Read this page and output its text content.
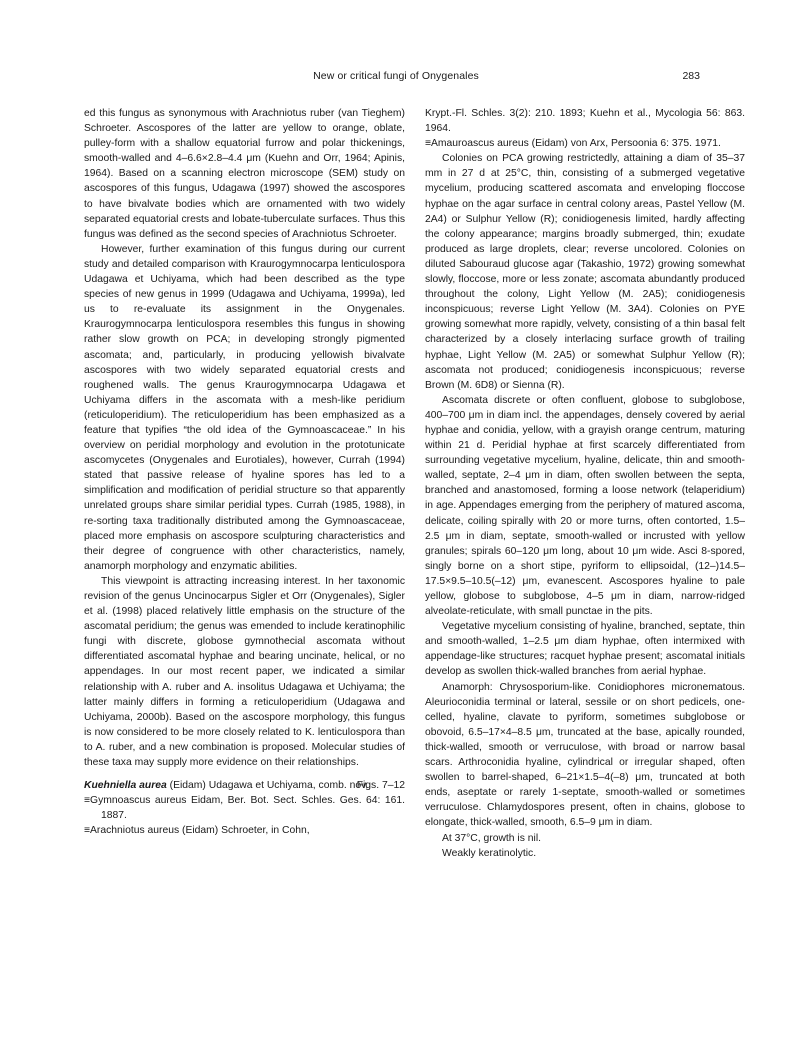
New or critical fungi of Onygenales	283

ed this fungus as synonymous with Arachniotus ruber (van Tieghem) Schroeter. Ascospores of the latter are yellow to orange, oblate, pulley-form with a shallow equatorial furrow and polar thickenings, smooth-walled and 4–6.6×2.8–4.4 μm (Kuehn and Orr, 1964; Apinis, 1964). Based on a scanning electron microscope (SEM) study on ascospores of this fungus, Udagawa (1997) showed the ascospores to have bivalvate bodies which are ornamented with two widely separated equatorial crests and lobate-tuberculate surfaces. Thus this fungus was defined as the second species of Arachniotus Schroeter.

However, further examination of this fungus during our current study and detailed comparison with Kraurogymnocarpa lenticulospora Udagawa et Uchiyama, which had been described as the type species of new genus in 1999 (Udagawa and Uchiyama, 1999a), led us to re-evaluate its assignment in the Onygenales. Kraurogymnocarpa lenticulospora resembles this fungus in showing rather slow growth on PCA; in developing strongly pigmented ascomata; and, particularly, in producing yellowish bivalvate ascospores with two widely separated equatorial crests and roughened walls. The genus Kraurogymnocarpa Udagawa et Uchiyama differs in the ascomata with a mesh-like peridium (reticuloperidium). The reticuloperidium has been emphasized as a feature that typifies “the old idea of the Gymnoascaceae.” In his overview on peridial morphology and evolution in the prototunicate ascomycetes (Onygenales and Eurotiales), however, Currah (1994) stated that passive release of hyaline spores has led to a simplification and modification of peridial structure so that apparently unrelated groups share similar peridial types. Currah (1985, 1988), in re-sorting taxa traditionally distributed among the Gymnoascaceae, placed more emphasis on ascospore sculpturing characteristics and their degree of congruence with other characteristics, namely, anamorph morphology and enzymatic abilities.

This viewpoint is attracting increasing interest. In her taxonomic revision of the genus Uncinocarpus Sigler et Orr (Onygenales), Sigler et al. (1998) placed relatively little emphasis on the structure of the ascomatal peridium; the genus was emended to include keratinophilic fungi with discrete, globose gymnothecial ascomata without differentiated ascomatal hyphae and bearing uncinate, helical, or no appendages. In our most recent paper, we indicated a similar relationship with A. ruber and A. insolitus Udagawa et Uchiyama; the latter mainly differs in forming a reticuloperidium (Udagawa and Uchiyama, 2000b). Based on the ascospore morphology, this fungus is now considered to be more closely related to K. lenticulospora than to A. ruber, and a new combination is proposed. Molecular studies of these taxa may supply more evidence on their relationships.

Kuehniella aurea (Eidam) Udagawa et Uchiyama, comb. nov.
Figs. 7–12

≡Gymnoascus aureus Eidam, Ber. Bot. Sect. Schles. Ges. 64: 161. 1887.

≡Arachniotus aureus (Eidam) Schroeter, in Cohn,

Krypt.-Fl. Schles. 3(2): 210. 1893; Kuehn et al., Mycologia 56: 863. 1964.

≡Amauroascus aureus (Eidam) von Arx, Persoonia 6: 375. 1971.

Colonies on PCA growing restrictedly, attaining a diam of 35–37 mm in 27 d at 25°C, thin, consisting of a submerged vegetative mycelium, producing scattered ascomata and enveloping floccose hyphae on the agar surface in central colony areas, Pastel Yellow (M. 2A4) or Sulphur Yellow (R); conidiogenesis limited, hardly affecting the colony appearance; margins broadly submerged, thin; exudate produced as large droplets, clear; reverse uncolored. Colonies on diluted Sabouraud glucose agar (Takashio, 1972) growing somewhat slowly, floccose, more or less zonate; ascomata abundantly produced throughout the colony, Light Yellow (M. 2A5); conidiogenesis inconspicuous; reverse Light Yellow (M. 3A4). Colonies on PYE growing somewhat more rapidly, velvety, consisting of a thin basal felt characterized by a closely interlacing surface growth of trailing hyphae, Light Yellow (M. 2A5) or somewhat Sulphur Yellow (R); ascomata not produced; conidiogenesis inconspicuous; reverse Brown (M. 6D8) or Sienna (R).

Ascomata discrete or often confluent, globose to subglobose, 400–700 μm in diam incl. the appendages, densely covered by aerial hyphae and conidia, yellow, with a grayish orange centrum, maturing within 21 d. Peridial hyphae at first scarcely differentiated from surrounding vegetative mycelium, hyaline, delicate, thin and smooth-walled, septate, 2–4 μm in diam, often swollen between the septa, branched and anastomosed, forming a loose network (telaperidium) in age. Appendages emerging from the periphery of matured ascoma, delicate, coiling spirally with 20 or more turns, often contorted, 1.5–2.5 μm in diam, septate, smooth-walled or incrusted with yellow granules; spirals 60–120 μm long, about 10 μm wide. Asci 8-spored, singly borne on a short stipe, pyriform to ellipsoidal, (12–)14.5–17.5×9.5–10.5(–12) μm, evanescent. Ascospores hyaline to pale yellow, globose to subglobose, 4–5 μm in diam, narrow-ridged alveolate-reticulate, with small punctae in the pits.

Vegetative mycelium consisting of hyaline, branched, septate, thin and smooth-walled, 1–2.5 μm diam hyphae, often intermixed with appendage-like structures; racquet hyphae present; ascomatal initials develop as swollen thick-walled branches from aerial hyphae.

Anamorph: Chrysosporium-like. Conidiophores micronematous. Aleurioconidia terminal or lateral, sessile or on short pedicels, one-celled, hyaline, clavate to pyriform, sometimes subglobose or obovoid, 6.5–17×4–8.5 μm, truncated at the base, apically rounded, thick-walled, smooth or verruculose, with broad or narrow basal scars. Arthroconidia hyaline, cylindrical or irregular shaped, often swollen to barrel-shaped, 6–21×1.5–4(–8) μm, truncated at both ends, aseptate or rarely 1-septate, smooth-walled or sometimes verruculose. Chlamydospores present, often in chains, globose to elongate, thick-walled, smooth, 6.5–9 μm in diam.

At 37°C, growth is nil.

Weakly keratinolytic.
